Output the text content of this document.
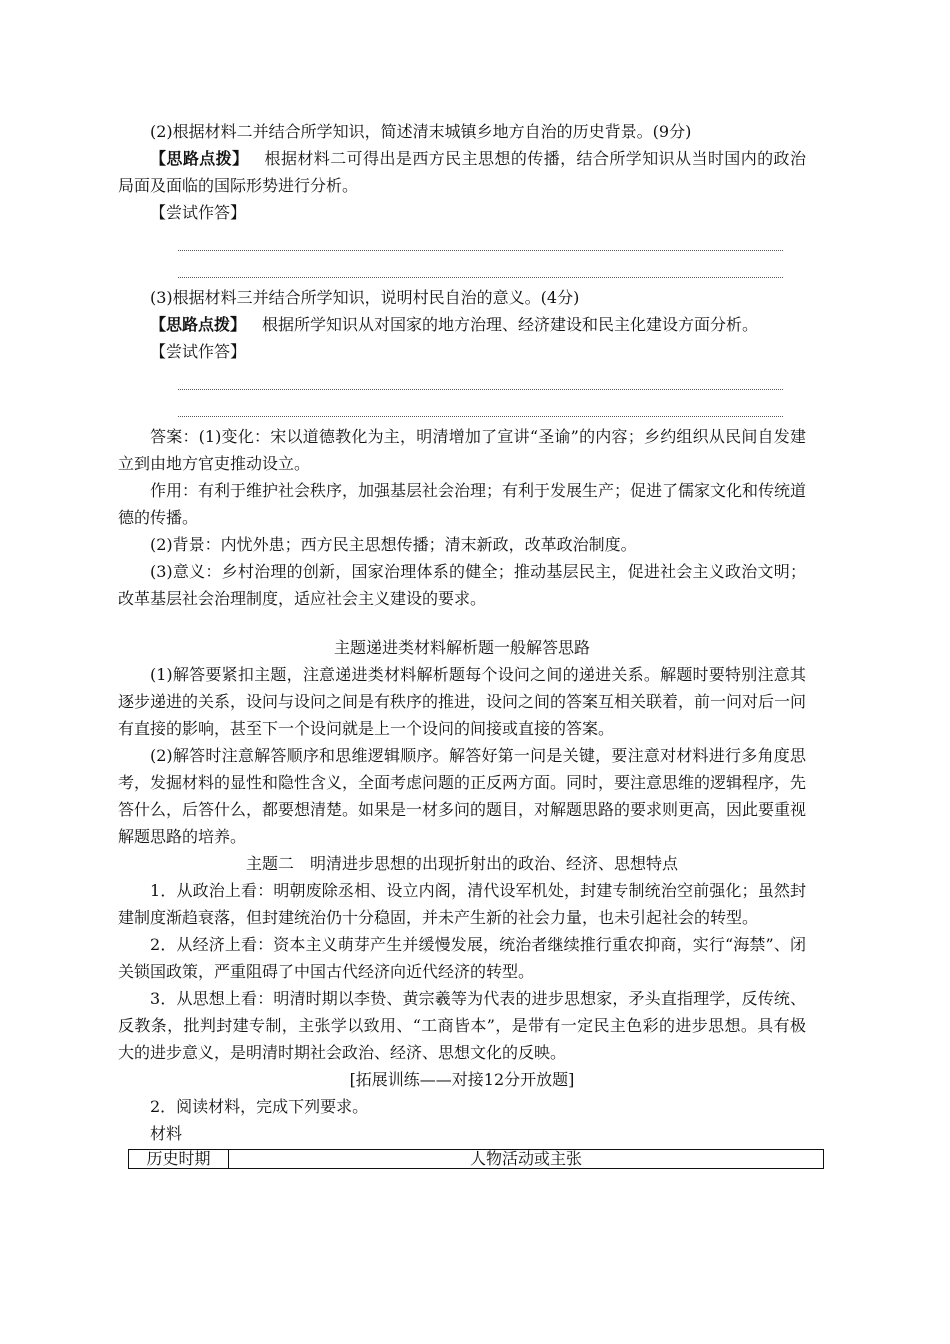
(2)根据材料二并结合所学知识，简述清末城镇乡地方自治的历史背景。(9分)

【思路点拨】 根据材料二可得出是西方民主思想的传播，结合所学知识从当时国内的政治局面及面临的国际形势进行分析。

【尝试作答】

(3)根据材料三并结合所学知识，说明村民自治的意义。(4分)

【思路点拨】 根据所学知识从对国家的地方治理、经济建设和民主化建设方面分析。

【尝试作答】

答案：(1)变化：宋以道德教化为主，明清增加了宣讲“圣谕”的内容；乡约组织从民间自发建立到由地方官吏推动设立。

作用：有利于维护社会秩序，加强基层社会治理；有利于发展生产；促进了儒家文化和传统道德的传播。

(2)背景：内忧外患；西方民主思想传播；清末新政，改革政治制度。

(3)意义：乡村治理的创新，国家治理体系的健全；推动基层民主，促进社会主义政治文明；改革基层社会治理制度，适应社会主义建设的要求。

主题递进类材料解析题一般解答思路

(1)解答要紧扣主题，注意递进类材料解析题每个设问之间的递进关系。解题时要特别注意其逐步递进的关系，设问与设问之间是有秩序的推进，设问之间的答案互相关联着，前一问对后一问有直接的影响，甚至下一个设问就是上一个设问的间接或直接的答案。

(2)解答时注意解答顺序和思维逻辑顺序。解答好第一问是关键，要注意对材料进行多角度思考，发掘材料的显性和隐性含义，全面考虑问题的正反两方面。同时，要注意思维的逻辑程序，先答什么，后答什么，都要想清楚。如果是一材多问的题目，对解题思路的要求则更高，因此要重视解题思路的培养。

主题二　明清进步思想的出现折射出的政治、经济、思想特点

1．从政治上看：明朝废除丞相、设立内阁，清代设军机处，封建专制统治空前强化；虽然封建制度渐趋衰落，但封建统治仍十分稳固，并未产生新的社会力量，也未引起社会的转型。

2．从经济上看：资本主义萌芽产生并缓慢发展，统治者继续推行重农抑商，实行“海禁”、闭关锁国政策，严重阻碍了中国古代经济向近代经济的转型。

3．从思想上看：明清时期以李贽、黄宗羲等为代表的进步思想家，矛头直指理学，反传统、反教条，批判封建专制，主张学以致用、“工商皆本”，是带有一定民主色彩的进步思想。具有极大的进步意义，是明清时期社会政治、经济、思想文化的反映。

[拓展训练——对接12分开放题]

2．阅读材料，完成下列要求。

材料

历史时期	人物活动或主张
